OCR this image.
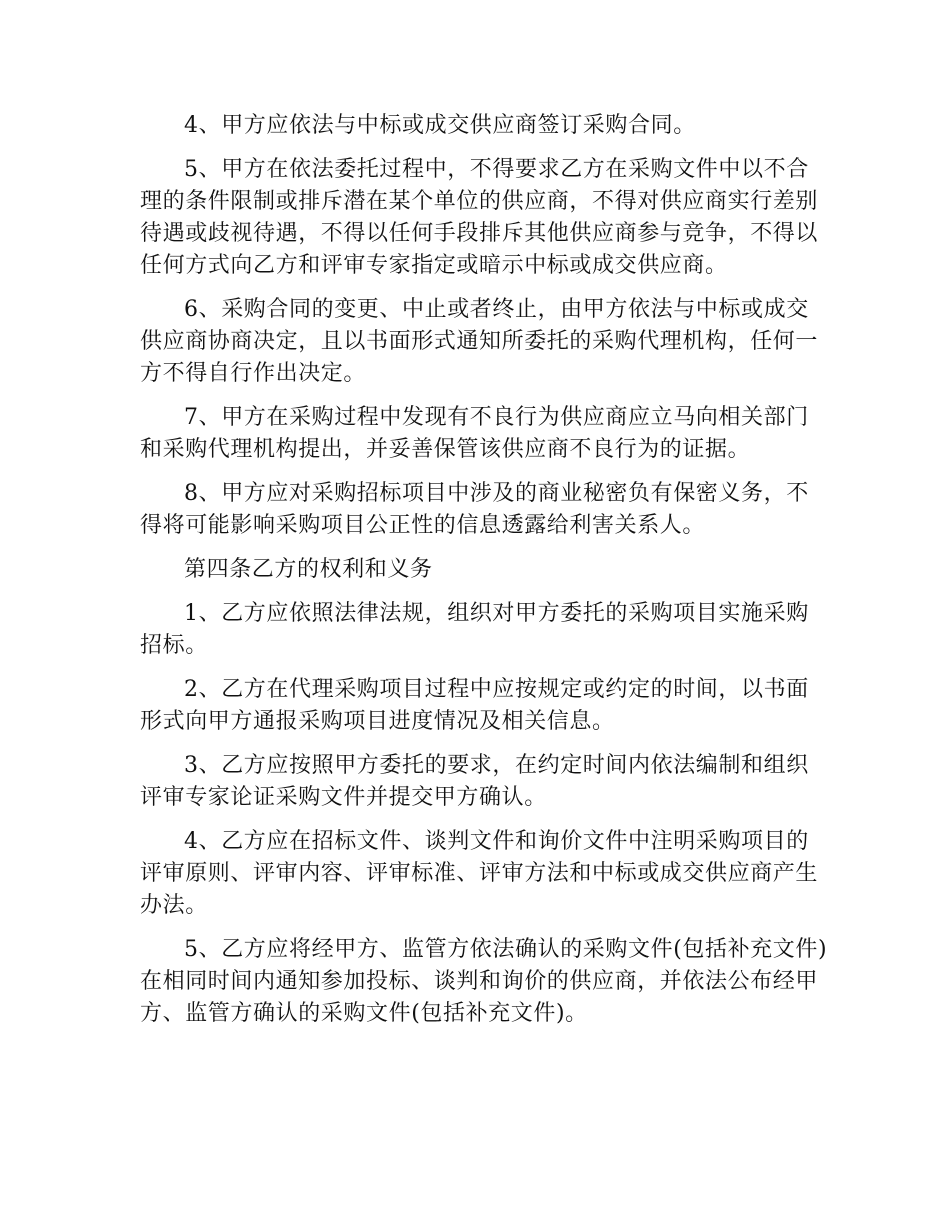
4、甲方应依法与中标或成交供应商签订采购合同。

5、甲方在依法委托过程中，不得要求乙方在采购文件中以不合理的条件限制或排斥潜在某个单位的供应商，不得对供应商实行差别待遇或歧视待遇，不得以任何手段排斥其他供应商参与竞争，不得以任何方式向乙方和评审专家指定或暗示中标或成交供应商。

6、采购合同的变更、中止或者终止，由甲方依法与中标或成交供应商协商决定，且以书面形式通知所委托的采购代理机构，任何一方不得自行作出决定。

7、甲方在采购过程中发现有不良行为供应商应立马向相关部门和采购代理机构提出，并妥善保管该供应商不良行为的证据。

8、甲方应对采购招标项目中涉及的商业秘密负有保密义务，不得将可能影响采购项目公正性的信息透露给利害关系人。

第四条乙方的权利和义务

1、乙方应依照法律法规，组织对甲方委托的采购项目实施采购招标。

2、乙方在代理采购项目过程中应按规定或约定的时间，以书面形式向甲方通报采购项目进度情况及相关信息。

3、乙方应按照甲方委托的要求，在约定时间内依法编制和组织评审专家论证采购文件并提交甲方确认。

4、乙方应在招标文件、谈判文件和询价文件中注明采购项目的评审原则、评审内容、评审标准、评审方法和中标或成交供应商产生办法。

5、乙方应将经甲方、监管方依法确认的采购文件(包括补充文件)在相同时间内通知参加投标、谈判和询价的供应商，并依法公布经甲方、监管方确认的采购文件(包括补充文件)。
